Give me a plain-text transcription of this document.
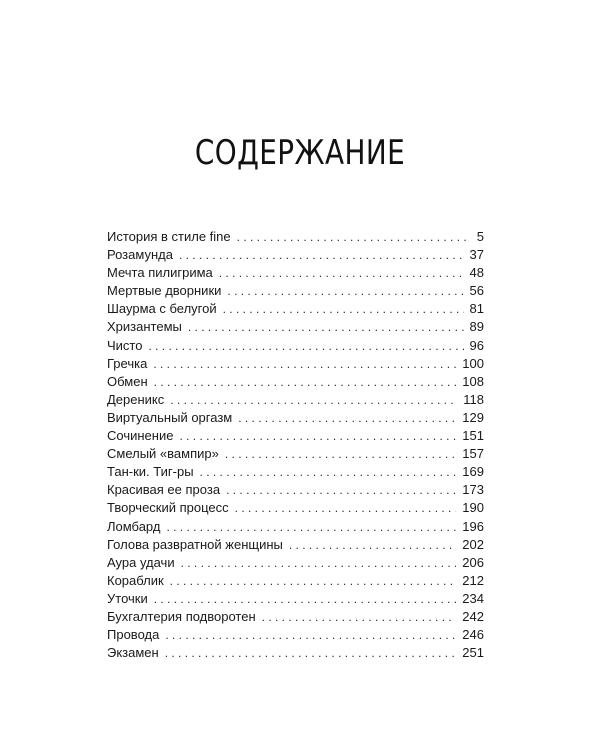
СОДЕРЖАНИЕ
История в стиле fine . . .	5
Розамунда . . .	37
Мечта пилигрима . . .	48
Мертвые дворники . . .	56
Шаурма с белугой . . .	81
Хризантемы . . .	89
Чисто . . .	96
Гречка . . .	100
Обмен . . .	108
Дереникс . . .	118
Виртуальный оргазм . . .	129
Сочинение . . .	151
Смелый «вампир» . . .	157
Тан-ки. Тиг-ры . . .	169
Красивая ее проза . . .	173
Творческий процесс . . .	190
Ломбард . . .	196
Голова развратной женщины . . .	202
Аура удачи . . .	206
Кораблик . . .	212
Уточки . . .	234
Бухгалтерия подворотен . . .	242
Провода . . .	246
Экзамен . . .	251
